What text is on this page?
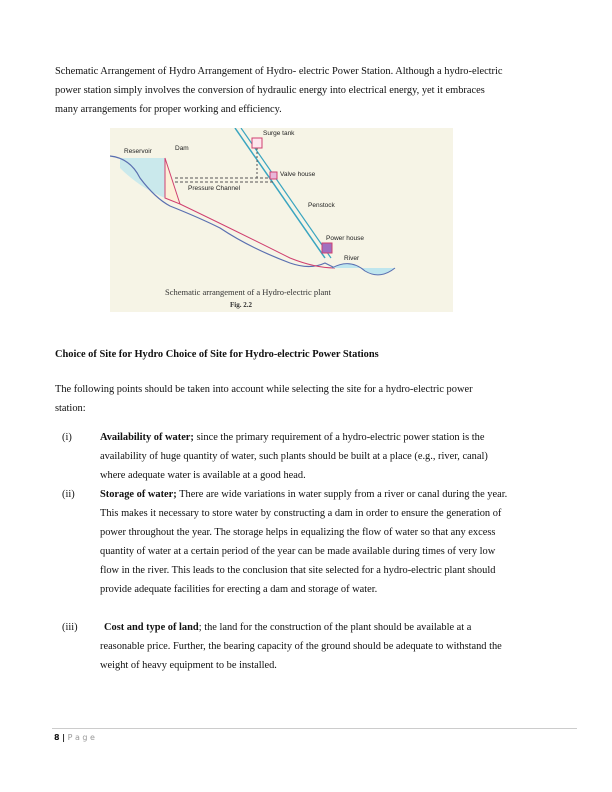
Schematic Arrangement of Hydro Arrangement of Hydro- electric Power Station. Although a hydro-electric
power station simply involves the conversion of hydraulic energy into electrical energy, yet it embraces
many arrangements for proper working and efficiency.
Surge tank
Reservoir	Dam
Valve house
Pressure Channel
Penstock
Power house
River
Schematic arrangement of a Hydro-electric plant
Fig. 2.2
Choice of Site for Hydro Choice of Site for Hydro-electric Power Stations
The following points should be taken into account while selecting the site for a hydro-electric power
station:
(i)	Availability of water; since the primary requirement of a hydro-electric power station is the
availability of huge quantity of water, such plants should be built at a place (e.g., river, canal)
where adequate water is available at a good head.
(ii) Storage of water; There are wide variations in water supply from a river or canal during the year.
This makes it necessary to store water by constructing a dam in order to ensure the generation of
power throughout the year. The storage helps in equalizing the flow of water so that any excess
quantity of water at a certain period of the year can be made available during times of very low
flow in the river. This leads to the conclusion that site selected for a hydro-electric plant should
provide adequate facilities for erecting a dam and storage of water.
(iii)	Cost and type of land; the land for the construction of the plant should be available at a
reasonable price. Further, the bearing capacity of the ground should be adequate to withstand the
weight of heavy equipment to be installed.
8 | P a g e
